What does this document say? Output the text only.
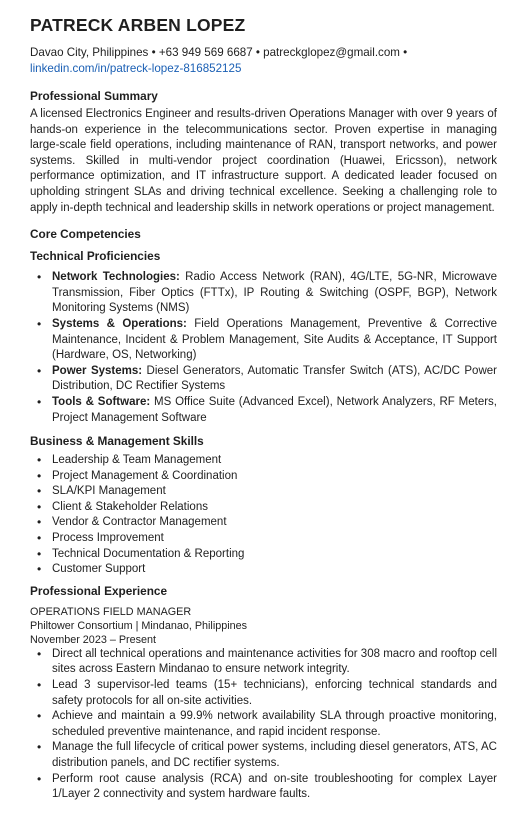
PATRECK ARBEN LOPEZ

Davao City, Philippines • +63 949 569 6687 • patreckglopez@gmail.com •
linkedin.com/in/patreck-lopez-816852125

Professional Summary

A licensed Electronics Engineer and results-driven Operations Manager with over 9 years of hands-on experience in the telecommunications sector. Proven expertise in managing large-scale field operations, including maintenance of RAN, transport networks, and power systems. Skilled in multi-vendor project coordination (Huawei, Ericsson), network performance optimization, and IT infrastructure support. A dedicated leader focused on upholding stringent SLAs and driving technical excellence. Seeking a challenging role to apply in-depth technical and leadership skills in network operations or project management.

Core Competencies
Technical Proficiencies
• Network Technologies: Radio Access Network (RAN), 4G/LTE, 5G-NR, Microwave Transmission, Fiber Optics (FTTx), IP Routing & Switching (OSPF, BGP), Network Monitoring Systems (NMS)
• Systems & Operations: Field Operations Management, Preventive & Corrective Maintenance, Incident & Problem Management, Site Audits & Acceptance, IT Support (Hardware, OS, Networking)
• Power Systems: Diesel Generators, Automatic Transfer Switch (ATS), AC/DC Power Distribution, DC Rectifier Systems
• Tools & Software: MS Office Suite (Advanced Excel), Network Analyzers, RF Meters, Project Management Software
Business & Management Skills
• Leadership & Team Management
• Project Management & Coordination
• SLA/KPI Management
• Client & Stakeholder Relations
• Vendor & Contractor Management
• Process Improvement
• Technical Documentation & Reporting
• Customer Support
Professional Experience

OPERATIONS FIELD MANAGER

Philtower Consortium | Mindanao, Philippines

November 2023 – Present

• Direct all technical operations and maintenance activities for 308 macro and rooftop cell sites across Eastern Mindanao to ensure network integrity.
• Lead 3 supervisor-led teams (15+ technicians), enforcing technical standards and safety protocols for all on-site activities.
• Achieve and maintain a 99.9% network availability SLA through proactive monitoring, scheduled preventive maintenance, and rapid incident response.
• Manage the full lifecycle of critical power systems, including diesel generators, ATS, AC distribution panels, and DC rectifier systems.
• Perform root cause analysis (RCA) and on-site troubleshooting for complex Layer 1/Layer 2 connectivity and system hardware faults.
